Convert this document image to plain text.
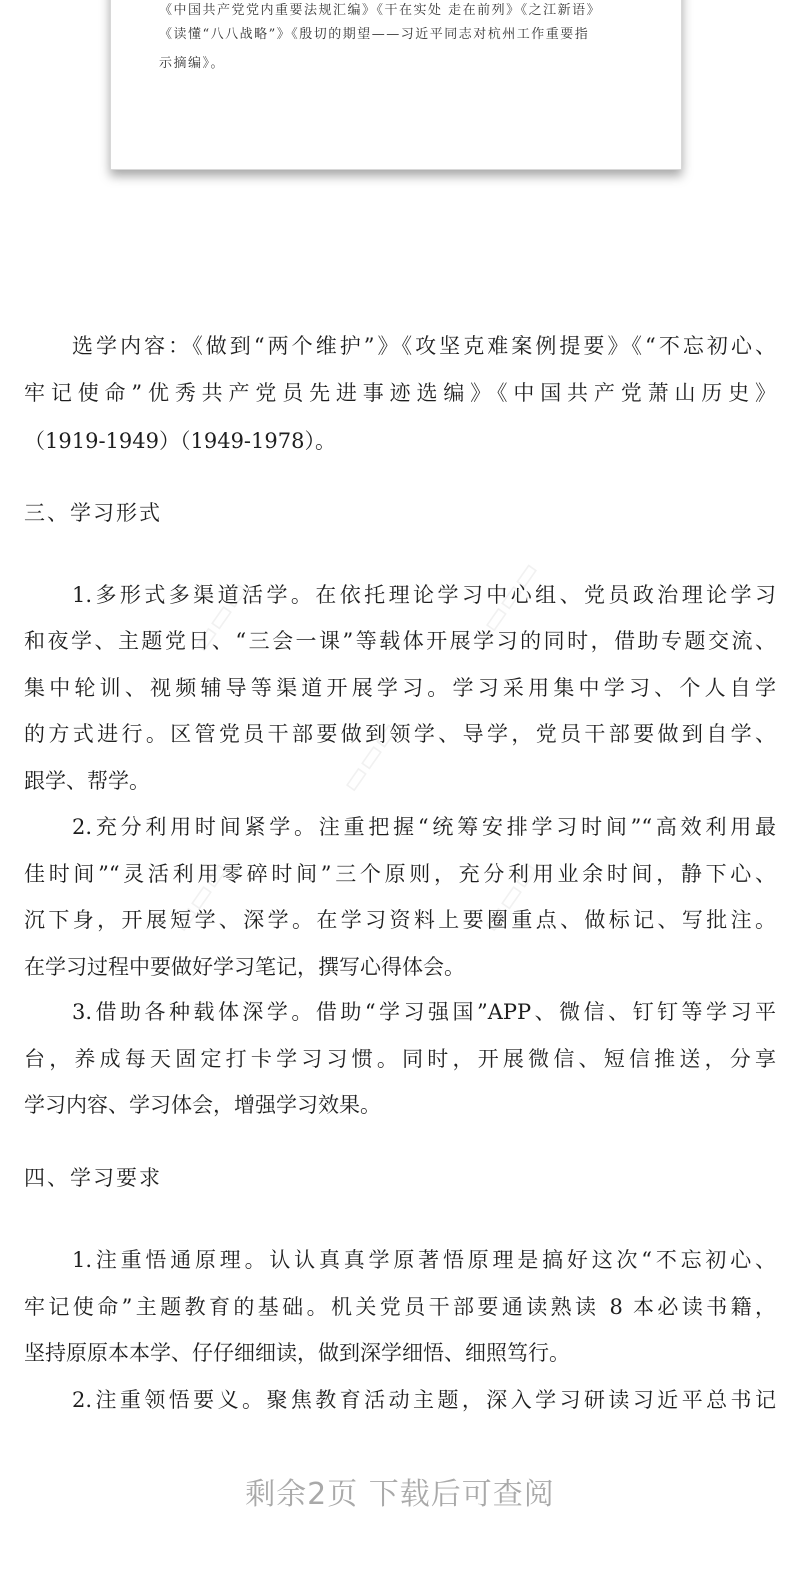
▭▭▭	▭▭▭
▭▭▭
▭▭▭
▭▭▭
《中国共产党党内重要法规汇编》《干在实处 走在前列》《之江新语》
《读懂“八八战略”》《殷切的期望——习近平同志对杭州工作重要指
示摘编》。
选学内容：《做到“两个维护”》《攻坚克难案例提要》《“不忘初心、
牢记使命”优秀共产党员先进事迹选编》《中国共产党萧山历史》
（1919-1949）（1949-1978）。
三、学习形式
1.多形式多渠道活学。在依托理论学习中心组、党员政治理论学习
和夜学、主题党日、“三会一课”等载体开展学习的同时，借助专题交流、
集中轮训、视频辅导等渠道开展学习。学习采用集中学习、个人自学
的方式进行。区管党员干部要做到领学、导学，党员干部要做到自学、
跟学、帮学。
2.充分利用时间紧学。注重把握“统筹安排学习时间”“高效利用最
佳时间”“灵活利用零碎时间”三个原则，充分利用业余时间，静下心、
沉下身，开展短学、深学。在学习资料上要圈重点、做标记、写批注。
在学习过程中要做好学习笔记，撰写心得体会。
3.借助各种载体深学。借助“学习强国”APP、微信、钉钉等学习平
台，养成每天固定打卡学习习惯。同时，开展微信、短信推送，分享
学习内容、学习体会，增强学习效果。
四、学习要求
1.注重悟通原理。认认真真学原著悟原理是搞好这次“不忘初心、
牢记使命”主题教育的基础。机关党员干部要通读熟读 8 本必读书籍，
坚持原原本本学、仔仔细细读，做到深学细悟、细照笃行。
2.注重领悟要义。聚焦教育活动主题，深入学习研读习近平总书记
剩余2页 下载后可查阅
